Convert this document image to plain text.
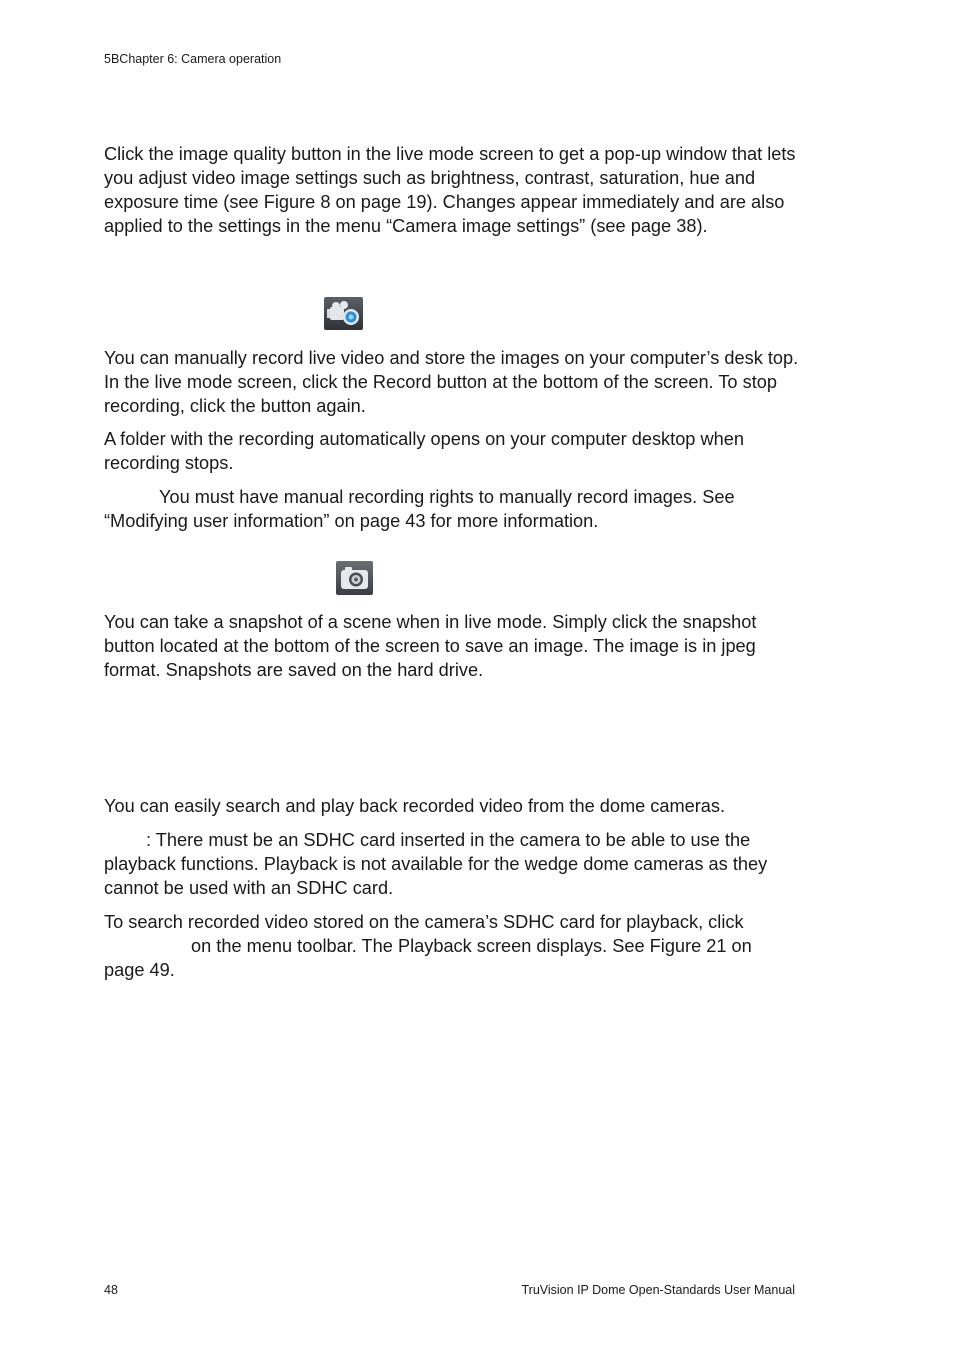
5BChapter 6: Camera operation

Click the image quality button in the live mode screen to get a pop-up window that lets you adjust video image settings such as brightness, contrast, saturation, hue and exposure time (see Figure 8 on page 19). Changes appear immediately and are also applied to the settings in the menu “Camera image settings” (see page 38).

You can manually record live video and store the images on your computer’s desk top. In the live mode screen, click the Record button at the bottom of the screen. To stop recording, click the button again.

A folder with the recording automatically opens on your computer desktop when recording stops.

You must have manual recording rights to manually record images. See “Modifying user information” on page 43 for more information.

You can take a snapshot of a scene when in live mode. Simply click the snapshot button located at the bottom of the screen to save an image. The image is in jpeg format. Snapshots are saved on the hard drive.

You can easily search and play back recorded video from the dome cameras.

: There must be an SDHC card inserted in the camera to be able to use the playback functions. Playback is not available for the wedge dome cameras as they cannot be used with an SDHC card.

To search recorded video stored on the camera’s SDHC card for playback, click

on the menu toolbar. The Playback screen displays. See Figure 21 on

page 49.

48	TruVision IP Dome Open-Standards User Manual
